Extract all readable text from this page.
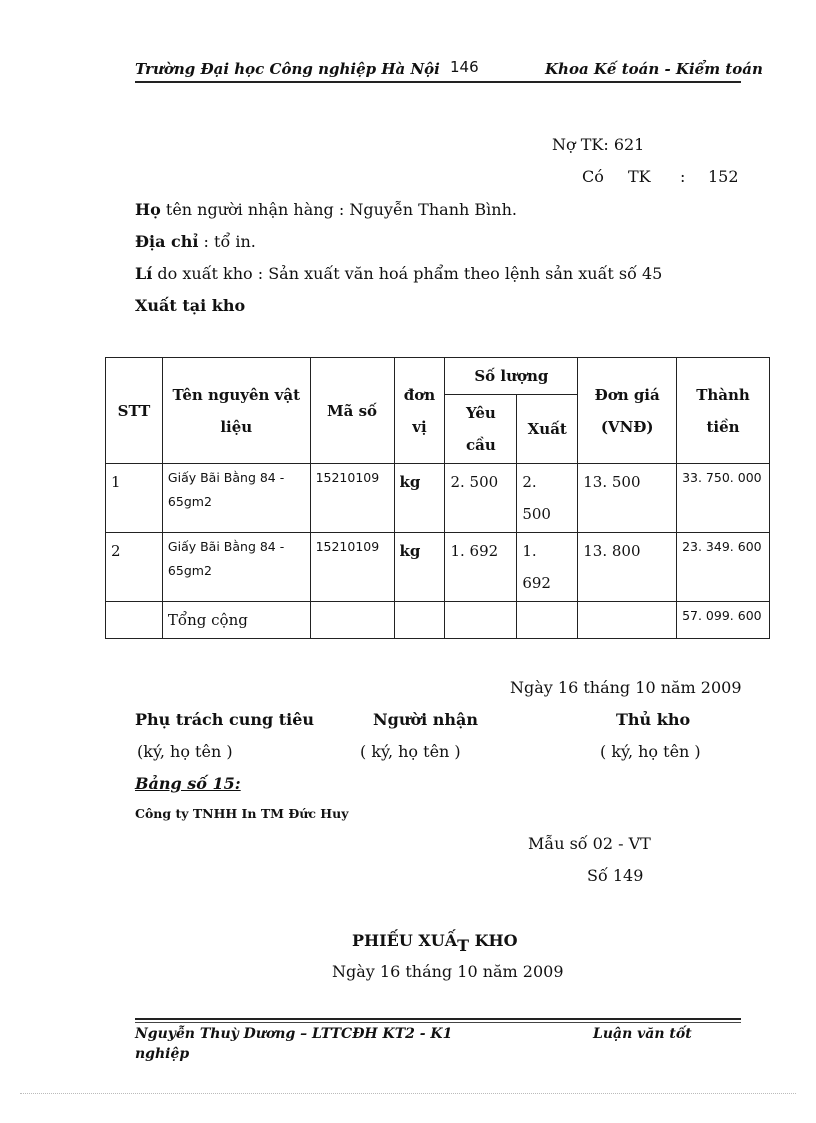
Trường Đại học Công nghiệp Hà Nội 146	Khoa Kế toán - Kiểm toán
Nợ TK: 621
Có TK : 152
Họ tên người nhận hàng : Nguyễn Thanh Bình.
Địa chỉ : tổ in.
Lí do xuất kho : Sản xuất văn hoá phẩm theo lệnh sản xuất số 45
Xuất tại kho
STT	Tên nguyên vật liệu	Mã số	đơn vị	Số lượng		Đơn giá (VNĐ)	Thành tiền
				Yêu cầu	Xuất		
1	Giấy Bãi Bằng 84 - 65gm2	15210109	kg	2. 500	2. 500	13. 500	33. 750. 000
2	Giấy Bãi Bằng 84 - 65gm2	15210109	kg	1. 692	1. 692	13. 800	23. 349. 600
	Tổng cộng						57. 099. 600
Ngày 16 tháng 10 năm 2009
Phụ trách cung tiêu	Người nhận	Thủ kho
(ký, họ tên )	( ký, họ tên )	( ký, họ tên )
Bảng số 15:
Công ty TNHH In TM Đức Huy
Mẫu số 02 - VT
Số 149
PHIẾU XUẤT KHO
Ngày 16 tháng 10 năm 2009
Nguyễn Thuỳ Dương – LTTCĐH KT2 - K1	Luận văn tốt
nghiệp
